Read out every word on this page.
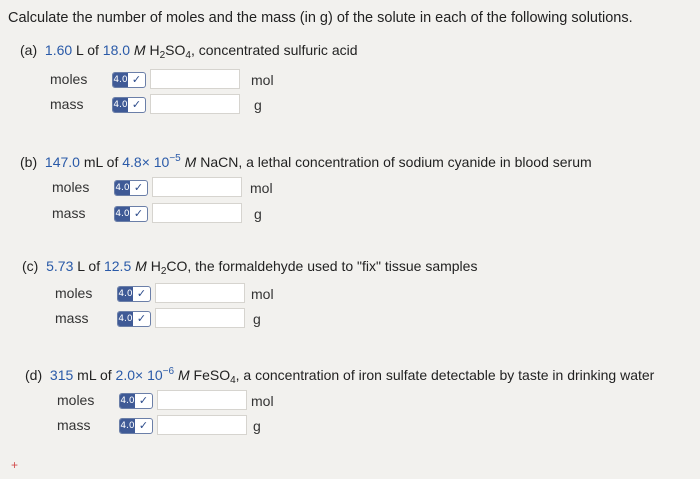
Calculate the number of moles and the mass (in g) of the solute in each of the following solutions.
(a) 1.60 L of 18.0 M $H_2SO_4$, concentrated sulfuric acid
moles	4.0 ✓	mol
mass	4.0 ✓	g
(b) 147.0 mL of $4.8\times 10^{-5}$ M NaCN, a lethal concentration of sodium cyanide in blood serum
moles	4.0 ✓	mol
mass	4.0 ✓	g
(c) 5.73 L of 12.5 M $H_2CO$, the formaldehyde used to "fix" tissue samples
moles	4.0 ✓	mol
mass	4.0 ✓	g
(d) 315 mL of $2.0\times 10^{-6}$ M FeSO$_4$, a concentration of iron sulfate detectable by taste in drinking water
moles	4.0 ✓	mol
mass	4.0 ✓	g
+
